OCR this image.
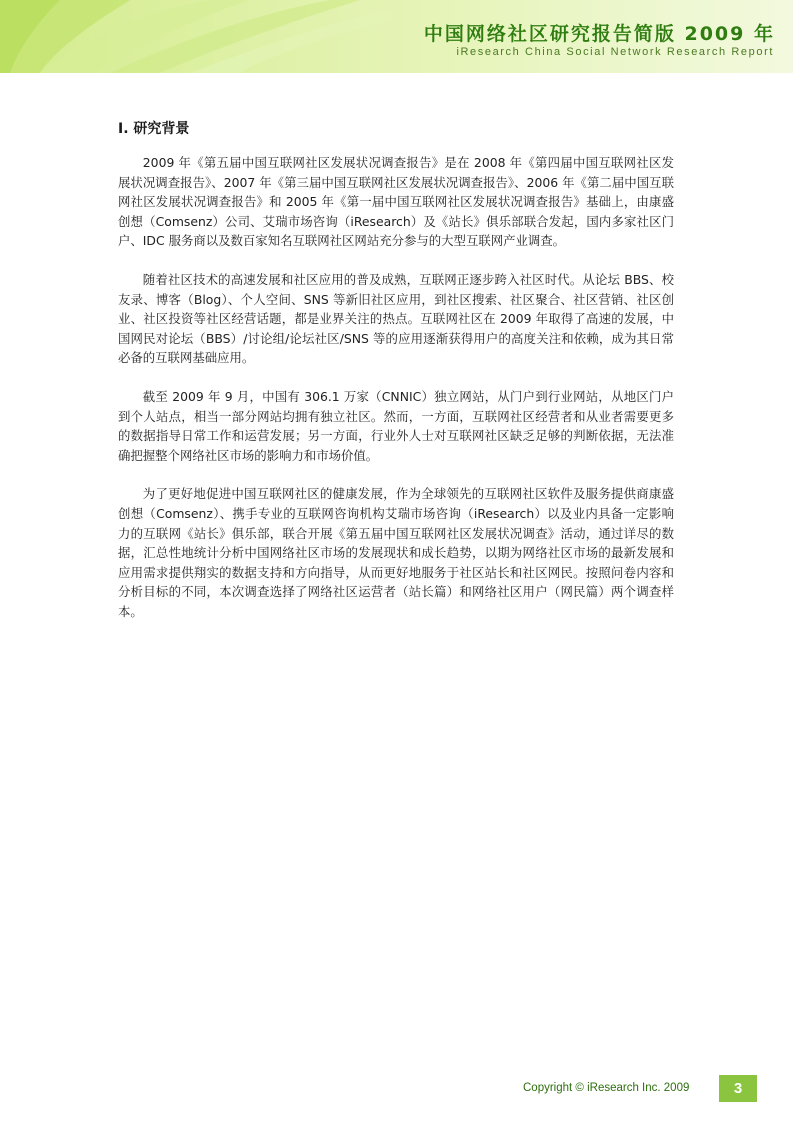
中国网络社区研究报告简版 2009 年
iResearch China Social Network Research Report
I. 研究背景

2009 年《第五届中国互联网社区发展状况调查报告》是在 2008 年《第四届中国互联网社区发展状况调查报告》、2007 年《第三届中国互联网社区发展状况调查报告》、2006 年《第二届中国互联网社区发展状况调查报告》和 2005 年《第一届中国互联网社区发展状况调查报告》基础上，由康盛创想（Comsenz）公司、艾瑞市场咨询（iResearch）及《站长》俱乐部联合发起，国内多家社区门户、IDC 服务商以及数百家知名互联网社区网站充分参与的大型互联网产业调查。

随着社区技术的高速发展和社区应用的普及成熟，互联网正逐步跨入社区时代。从论坛 BBS、校友录、博客（Blog）、个人空间、SNS 等新旧社区应用，到社区搜索、社区聚合、社区营销、社区创业、社区投资等社区经营话题，都是业界关注的热点。互联网社区在 2009 年取得了高速的发展，中国网民对论坛（BBS）/讨论组/论坛社区/SNS 等的应用逐渐获得用户的高度关注和依赖，成为其日常必备的互联网基础应用。

截至 2009 年 9 月，中国有 306.1 万家（CNNIC）独立网站，从门户到行业网站，从地区门户到个人站点，相当一部分网站均拥有独立社区。然而，一方面，互联网社区经营者和从业者需要更多的数据指导日常工作和运营发展；另一方面，行业外人士对互联网社区缺乏足够的判断依据，无法准确把握整个网络社区市场的影响力和市场价值。

为了更好地促进中国互联网社区的健康发展，作为全球领先的互联网社区软件及服务提供商康盛创想（Comsenz）、携手专业的互联网咨询机构艾瑞市场咨询（iResearch）以及业内具备一定影响力的互联网《站长》俱乐部，联合开展《第五届中国互联网社区发展状况调查》活动，通过详尽的数据，汇总性地统计分析中国网络社区市场的发展现状和成长趋势，以期为网络社区市场的最新发展和应用需求提供翔实的数据支持和方向指导，从而更好地服务于社区站长和社区网民。按照问卷内容和分析目标的不同，本次调查选择了网络社区运营者（站长篇）和网络社区用户（网民篇）两个调查样本。

Copyright © iResearch Inc. 2009	3
